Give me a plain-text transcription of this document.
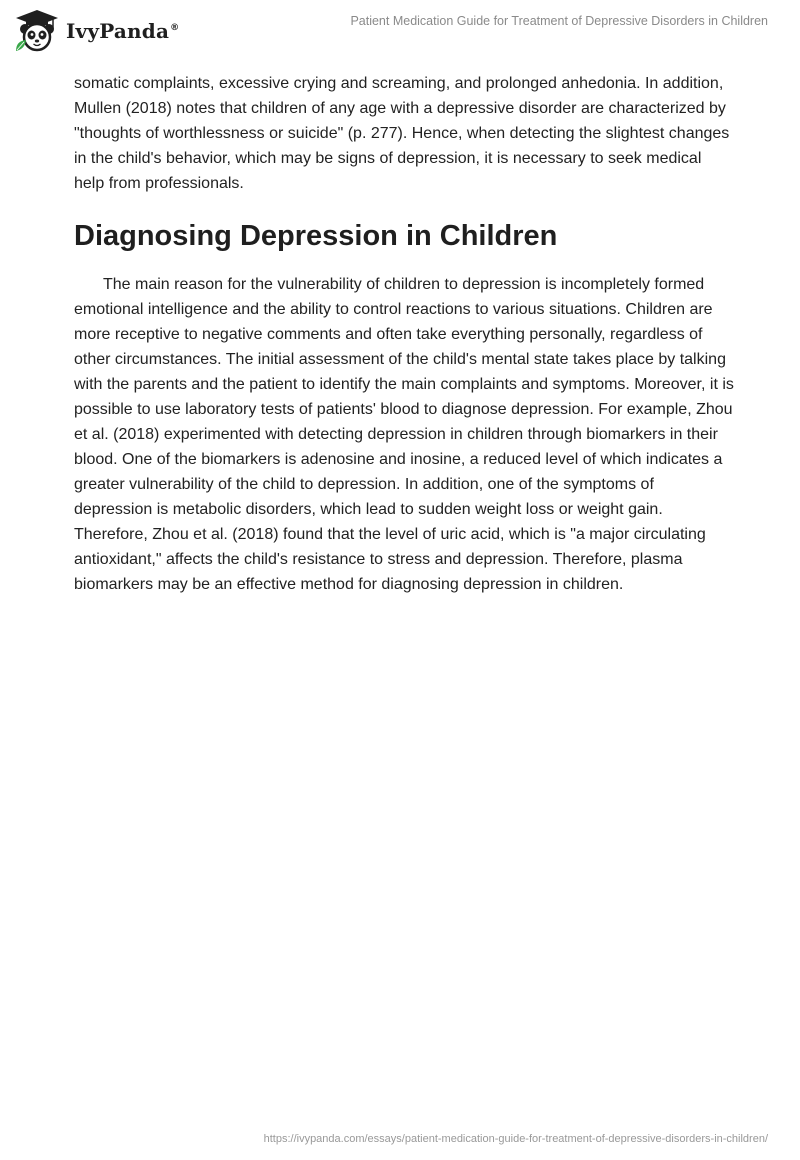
IvyPanda®
Patient Medication Guide for Treatment of Depressive Disorders in Children

somatic complaints, excessive crying and screaming, and prolonged anhedonia. In addition, Mullen (2018) notes that children of any age with a depressive disorder are characterized by "thoughts of worthlessness or suicide" (p. 277). Hence, when detecting the slightest changes in the child's behavior, which may be signs of depression, it is necessary to seek medical help from professionals.

Diagnosing Depression in Children

The main reason for the vulnerability of children to depression is incompletely formed emotional intelligence and the ability to control reactions to various situations. Children are more receptive to negative comments and often take everything personally, regardless of other circumstances. The initial assessment of the child's mental state takes place by talking with the parents and the patient to identify the main complaints and symptoms. Moreover, it is possible to use laboratory tests of patients' blood to diagnose depression. For example, Zhou et al. (2018) experimented with detecting depression in children through biomarkers in their blood. One of the biomarkers is adenosine and inosine, a reduced level of which indicates a greater vulnerability of the child to depression. In addition, one of the symptoms of depression is metabolic disorders, which lead to sudden weight loss or weight gain. Therefore, Zhou et al. (2018) found that the level of uric acid, which is "a major circulating antioxidant," affects the child's resistance to stress and depression. Therefore, plasma biomarkers may be an effective method for diagnosing depression in children.

https://ivypanda.com/essays/patient-medication-guide-for-treatment-of-depressive-disorders-in-children/
